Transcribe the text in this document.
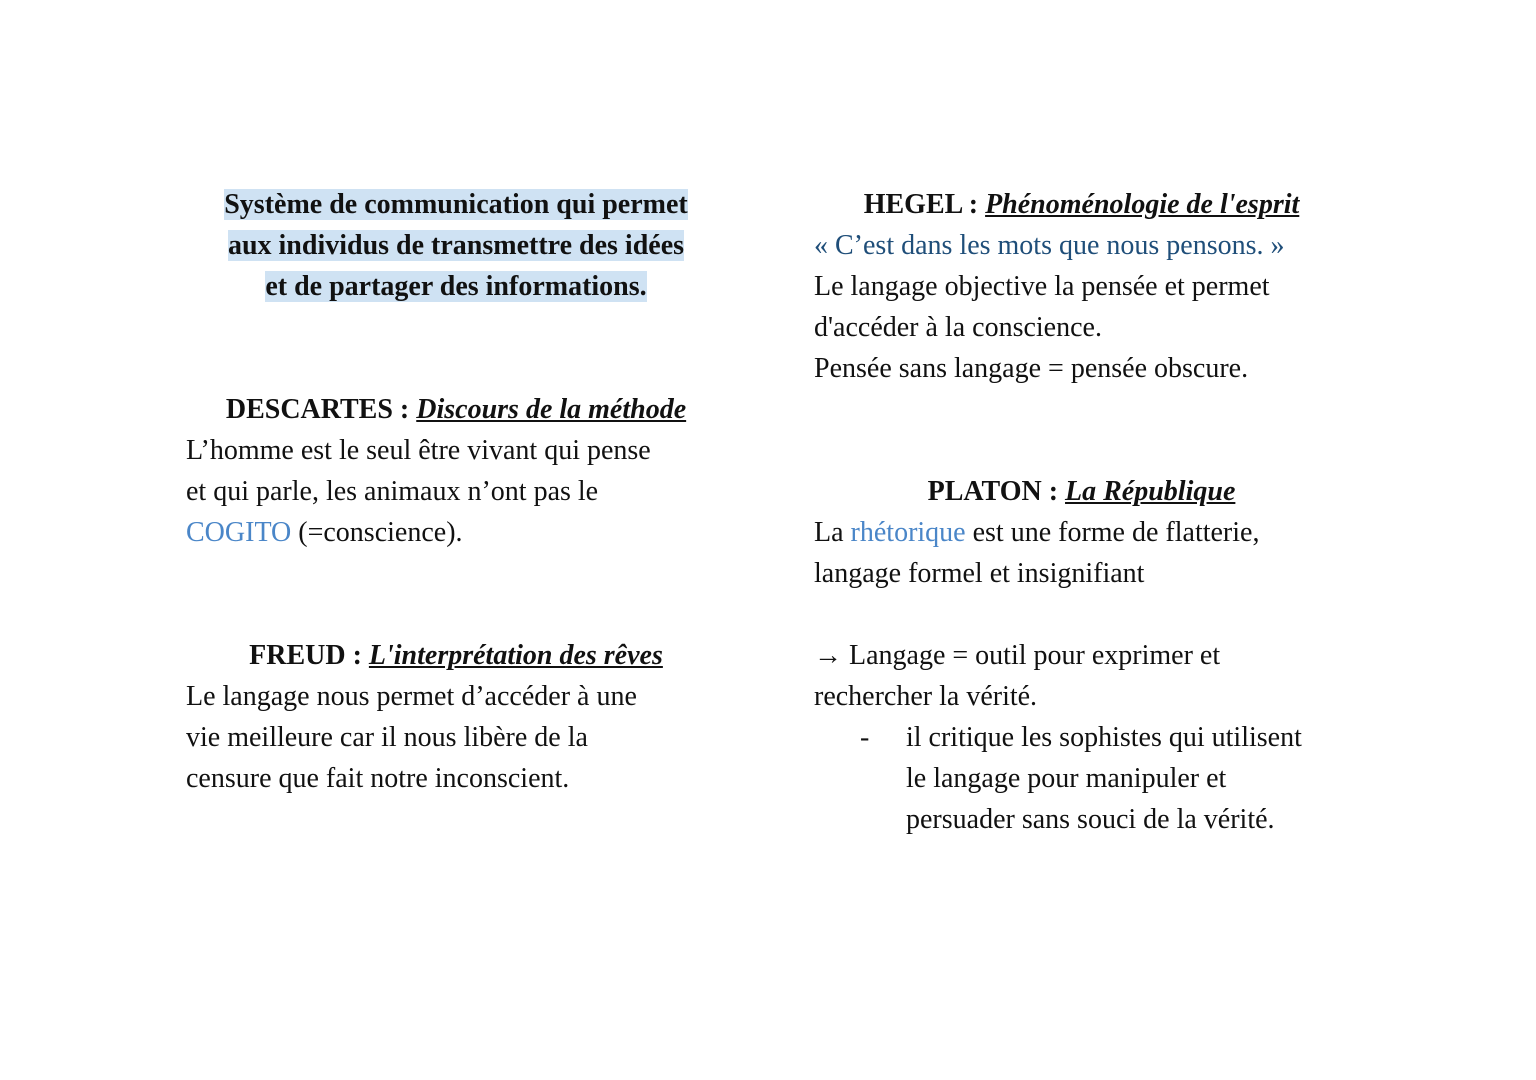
Système de communication qui permet
aux individus de transmettre des idées
et de partager des informations.
DESCARTES : Discours de la méthode
L’homme est le seul être vivant qui pense
et qui parle, les animaux n’ont pas le
COGITO (=conscience).
FREUD : L'interprétation des rêves
Le langage nous permet d’accéder à une
vie meilleure car il nous libère de la
censure que fait notre inconscient.
HEGEL : Phénoménologie de l'esprit
« C’est dans les mots que nous pensons. »
Le langage objective la pensée et permet
d'accéder à la conscience.
Pensée sans langage = pensée obscure.
PLATON : La République
La rhétorique est une forme de flatterie,
langage formel et insignifiant
→ Langage = outil pour exprimer et
rechercher la vérité.
-	il critique les sophistes qui utilisent
le langage pour manipuler et
persuader sans souci de la vérité.
